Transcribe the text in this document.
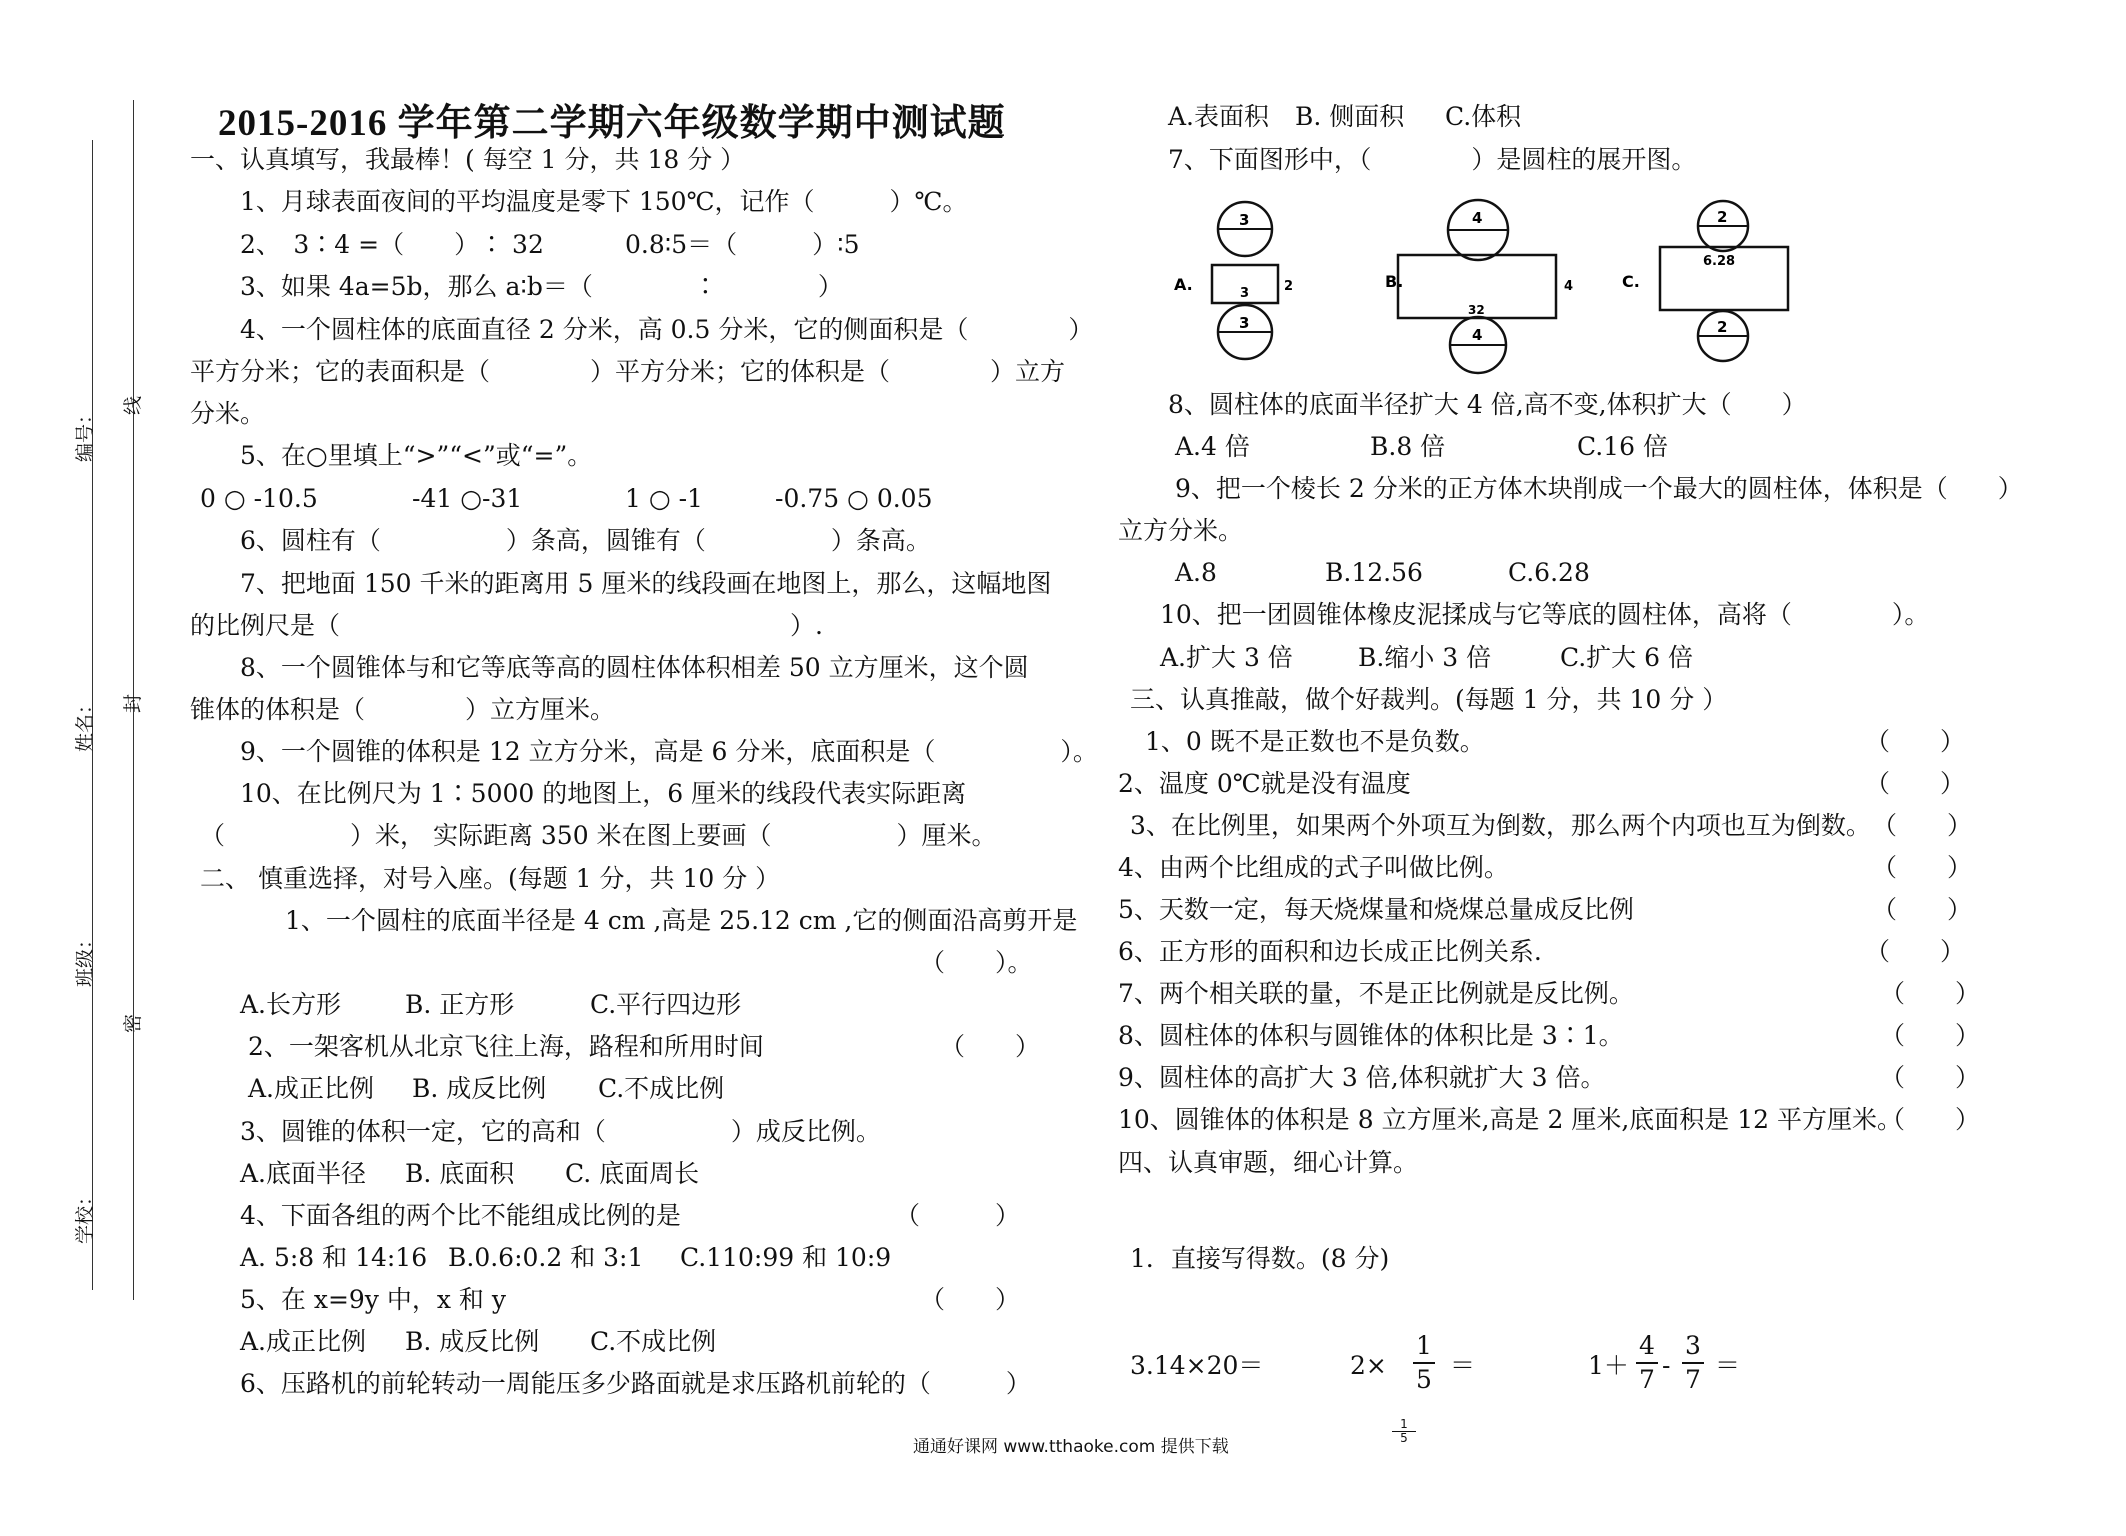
编号： 线
姓名： 封
班级：
密
学校：
2015-2016 学年第二学期六年级数学期中测试题
一、认真填写，我最棒！( 每空 1 分，共 18 分 ）
1、月球表面夜间的平均温度是零下 150℃，记作（　　　）℃。
2、　3∶4 =（　　）∶ 32	0.8∶5＝（　　　）∶5
3、如果 4a=5b，那么 a∶b＝（　　　　∶　　　　）
4、一个圆柱体的底面直径 2 分米，高 0.5 分米，它的侧面积是（　　　　）
平方分米；它的表面积是（　　　　）平方分米；它的体积是（　　　　）立方
分米。
5、在○里填上“>”“<”或“=”。
0 ○ -10.5	-41 ○-31	1 ○ -1	-0.75 ○ 0.05
6、圆柱有（　　　　　）条高，圆锥有（　　　　　）条高。
7、把地面 150 千米的距离用 5 厘米的线段画在地图上，那么，这幅地图
的比例尺是（　　　　　　　　　　　　　　　　　　）.
8、一个圆锥体与和它等底等高的圆柱体体积相差 50 立方厘米，这个圆
锥体的体积是（　　　　）立方厘米。
9、一个圆锥的体积是 12 立方分米，高是 6 分米，底面积是（　　　　　）。
10、在比例尺为 1∶5000 的地图上，6 厘米的线段代表实际距离
（　　　　　）米， 实际距离 350 米在图上要画（　　　　　）厘米。
二、 慎重选择，对号入座。(每题 1 分，共 10 分 ）
1、一个圆柱的底面半径是 4 cm ,高是 25.12 cm ,它的侧面沿高剪开是
（　　）。
A.长方形	B. 正方形	C.平行四边形
2、一架客机从北京飞往上海，路程和所用时间	（　　）
A.成正比例 B. 成反比例 C.不成比例
3、圆锥的体积一定，它的高和（　　　　　）成反比例。
A.底面半径 B. 底面积 C. 底面周长
4、下面各组的两个比不能组成比例的是	（　　　）
A. 5:8 和 14:16 B.0.6:0.2 和 3:1 C.110:99 和 10:9
5、在 x=9y 中，x 和 y	（　　）
A.成正比例 B. 成反比例 C.不成比例
6、压路机的前轮转动一周能压多少路面就是求压路机前轮的（　　　）
A.表面积 B. 侧面积 C.体积
7、下面图形中，（　　　　）是圆柱的展开图。
A.
3
3	2
3
B.
4
32
4
4
C.
2
6.28
2
8、圆柱体的底面半径扩大 4 倍,高不变,体积扩大（　　）
A.4 倍	B.8 倍	C.16 倍
9、把一个棱长 2 分米的正方体木块削成一个最大的圆柱体，体积是（　　）
立方分米。
A.8	B.12.56	C.6.28
10、把一团圆锥体橡皮泥揉成与它等底的圆柱体，高将（　　　　）。
A.扩大 3 倍	B.缩小 3 倍	C.扩大 6 倍
三、认真推敲，做个好裁判。(每题 1 分，共 10 分 ）
1、0 既不是正数也不是负数。
2、温度 0℃就是没有温度
3、在比例里，如果两个外项互为倒数，那么两个内项也互为倒数。
4、由两个比组成的式子叫做比例。
5、天数一定，每天烧煤量和烧煤总量成反比例
6、正方形的面积和边长成正比例关系.
7、两个相关联的量，不是正比例就是反比例。
8、圆柱体的体积与圆锥体的体积比是 3∶1。
9、圆柱体的高扩大 3 倍,体积就扩大 3 倍。
10、圆锥体的体积是 8 立方厘米,高是 2 厘米,底面积是 12 平方厘米。
（　　）
（　　）
（　　）
（　　）
（　　）
（　　）
（　　）
（　　）
（　　）
（　　）
四、认真审题，细心计算。
1．直接写得数。(8 分)
3.14×20＝	2×
1
5 ＝	1＋
4
7 -
3
7 ＝
通通好课网 www.tthaoke.com 提供下载
1
5
